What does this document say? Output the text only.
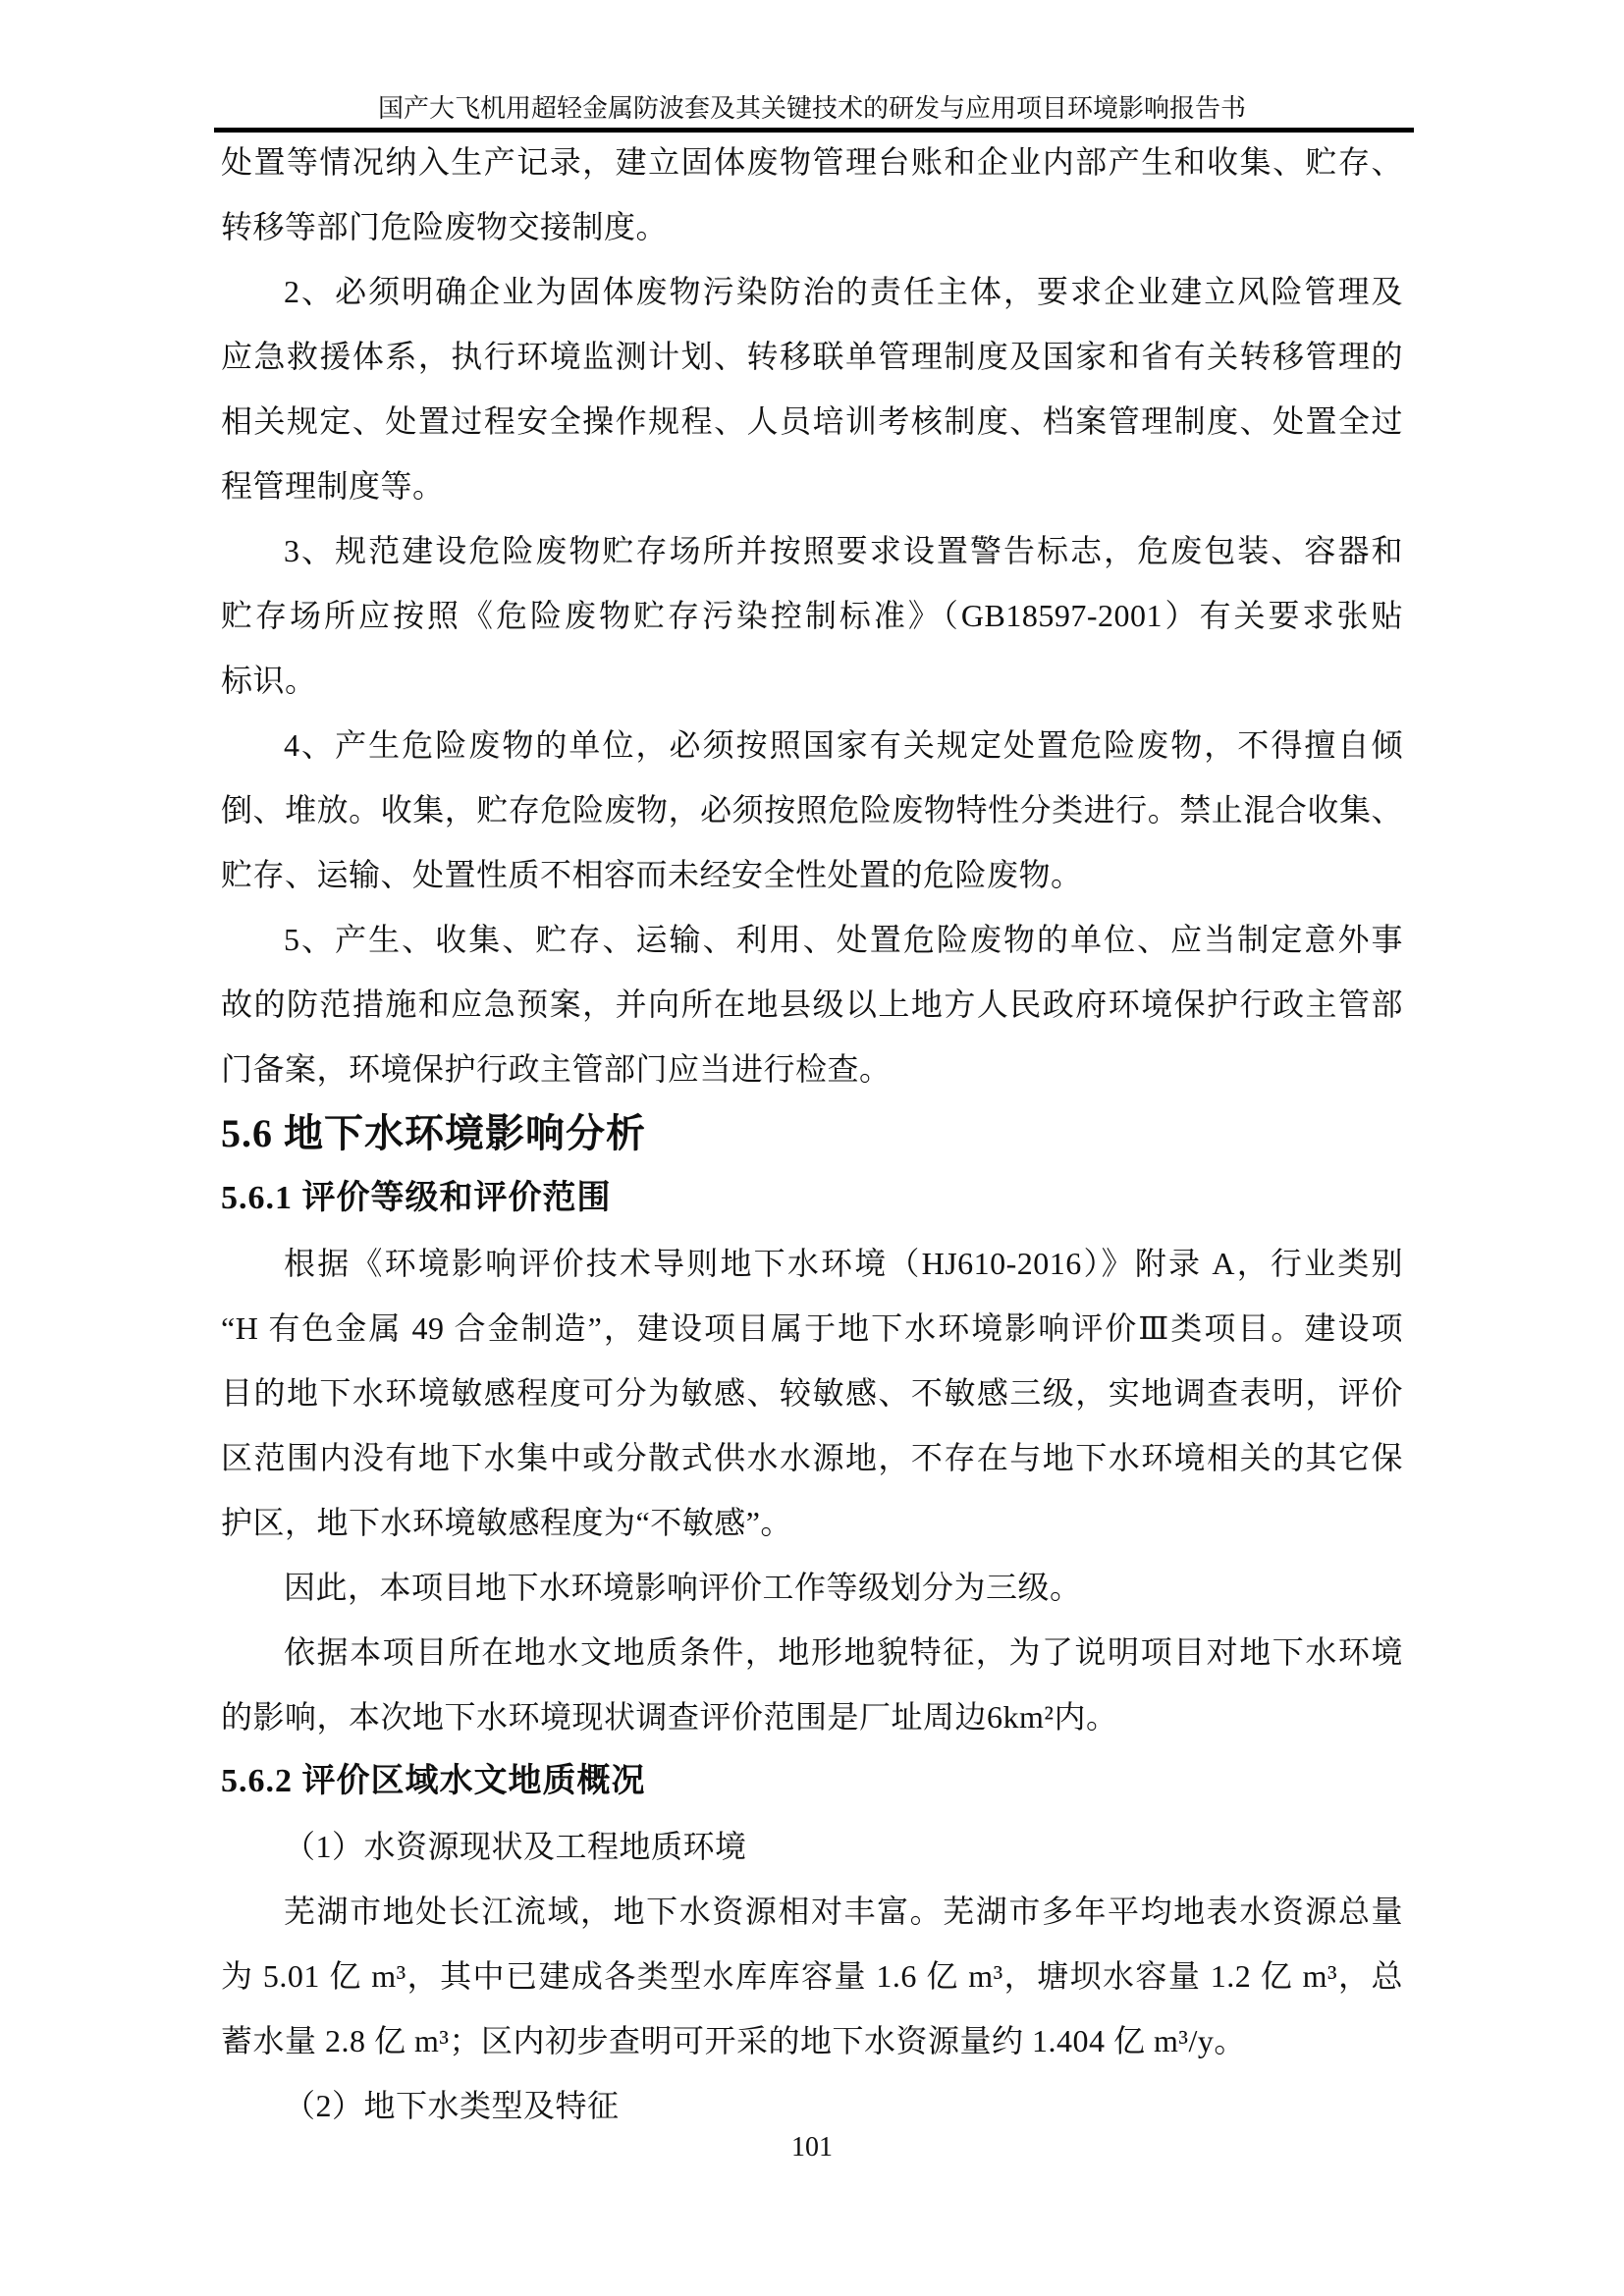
国产大飞机用超轻金属防波套及其关键技术的研发与应用项目环境影响报告书
处置等情况纳入生产记录，建立固体废物管理台账和企业内部产生和收集、贮存、
转移等部门危险废物交接制度。
2、必须明确企业为固体废物污染防治的责任主体，要求企业建立风险管理及
应急救援体系，执行环境监测计划、转移联单管理制度及国家和省有关转移管理的
相关规定、处置过程安全操作规程、人员培训考核制度、档案管理制度、处置全过
程管理制度等。
3、规范建设危险废物贮存场所并按照要求设置警告标志，危废包装、容器和
贮存场所应按照《危险废物贮存污染控制标准》（GB18597-2001）有关要求张贴
标识。
4、产生危险废物的单位，必须按照国家有关规定处置危险废物，不得擅自倾
倒、堆放。收集，贮存危险废物，必须按照危险废物特性分类进行。禁止混合收集、
贮存、运输、处置性质不相容而未经安全性处置的危险废物。
5、产生、收集、贮存、运输、利用、处置危险废物的单位、应当制定意外事
故的防范措施和应急预案，并向所在地县级以上地方人民政府环境保护行政主管部
门备案，环境保护行政主管部门应当进行检查。
5.6 地下水环境影响分析
5.6.1 评价等级和评价范围
根据《环境影响评价技术导则地下水环境（HJ610-2016）》附录 A，行业类别
“H 有色金属 49 合金制造”，建设项目属于地下水环境影响评价Ⅲ类项目。建设项
目的地下水环境敏感程度可分为敏感、较敏感、不敏感三级，实地调查表明，评价
区范围内没有地下水集中或分散式供水水源地，不存在与地下水环境相关的其它保
护区，地下水环境敏感程度为“不敏感”。
因此，本项目地下水环境影响评价工作等级划分为三级。
依据本项目所在地水文地质条件，地形地貌特征，为了说明项目对地下水环境
的影响，本次地下水环境现状调查评价范围是厂址周边6km²内。
5.6.2 评价区域水文地质概况
（1）水资源现状及工程地质环境
芜湖市地处长江流域，地下水资源相对丰富。芜湖市多年平均地表水资源总量
为 5.01 亿 m³，其中已建成各类型水库库容量 1.6 亿 m³，塘坝水容量 1.2 亿 m³，总
蓄水量 2.8 亿 m³；区内初步查明可开采的地下水资源量约 1.404 亿 m³/y。
（2）地下水类型及特征
101
